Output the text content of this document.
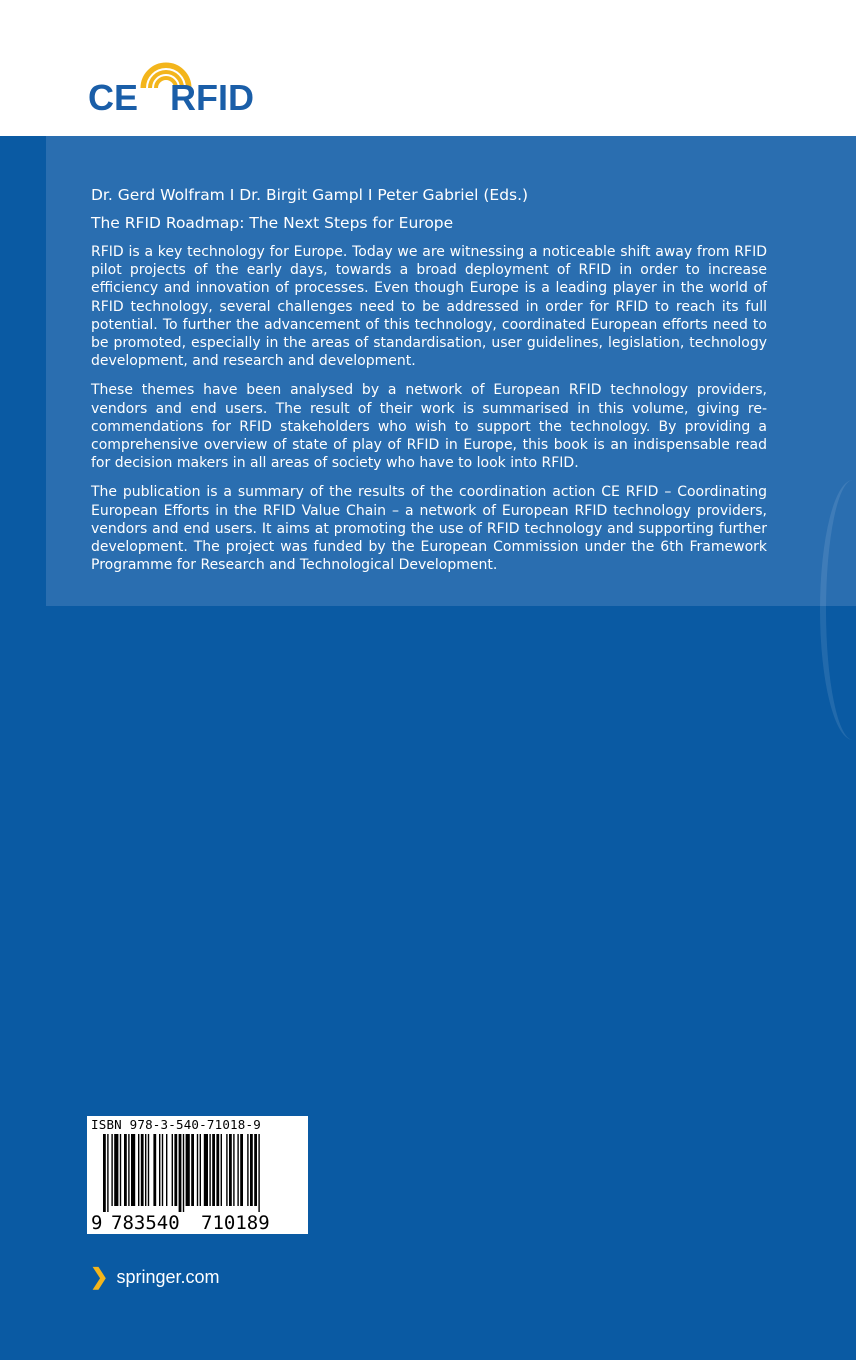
CE RFID
Dr. Gerd Wolfram I Dr. Birgit Gampl I Peter Gabriel (Eds.)
The RFID Roadmap: The Next Steps for Europe

RFID is a key technology for Europe. Today we are witnessing a noticeable shift away from RFID pilot projects of the early days, towards a broad deployment of RFID in order to increase efficiency and innovation of processes. Even though Europe is a leading player in the world of RFID technology, several challenges need to be addressed in order for RFID to reach its full potential. To further the advancement of this technology, coordinated European efforts need to be promoted, especially in the areas of standardisation, user guidelines, legislation, technology development, and research and development.

These themes have been analysed by a network of European RFID technology providers, vendors and end users. The result of their work is summarised in this volume, giving recommendations for RFID stakeholders who wish to support the technology. By providing a comprehensive overview of state of play of RFID in Europe, this book is an indispensable read for decision makers in all areas of society who have to look into RFID.

The publication is a summary of the results of the coordination action CE RFID – Coordinating European Efforts in the RFID Value Chain – a network of European RFID technology providers, vendors and end users. It aims at promoting the use of RFID technology and supporting further development. The project was funded by the European Commission under the 6th Framework Programme for Research and Technological Development.

9 783540 710189
ISBN 978-3-540-71018-9
❯ springer.com
